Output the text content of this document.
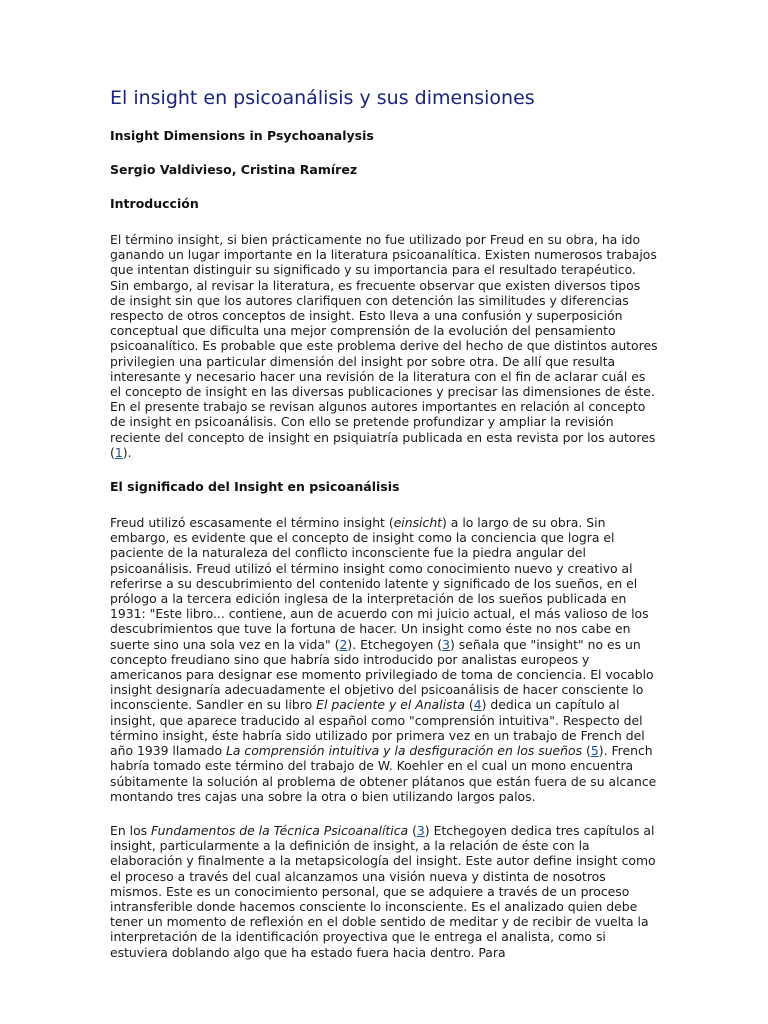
El insight en psicoanálisis y sus dimensiones
Insight Dimensions in Psychoanalysis
Sergio Valdivieso, Cristina Ramírez
Introducción

El término insight, si bien prácticamente no fue utilizado por Freud en su obra, ha ido ganando un lugar importante en la literatura psicoanalítica. Existen numerosos trabajos que intentan distinguir su significado y su importancia para el resultado terapéutico. Sin embargo, al revisar la literatura, es frecuente observar que existen diversos tipos de insight sin que los autores clarifiquen con detención las similitudes y diferencias respecto de otros conceptos de insight. Esto lleva a una confusión y superposición conceptual que dificulta una mejor comprensión de la evolución del pensamiento psicoanalítico. Es probable que este problema derive del hecho de que distintos autores privilegien una particular dimensión del insight por sobre otra. De allí que resulta interesante y necesario hacer una revisión de la literatura con el fin de aclarar cuál es el concepto de insight en las diversas publicaciones y precisar las dimensiones de éste. En el presente trabajo se revisan algunos autores importantes en relación al concepto de insight en psicoanálisis. Con ello se pretende profundizar y ampliar la revisión reciente del concepto de insight en psiquiatría publicada en esta revista por los autores (1).

El significado del Insight en psicoanálisis

Freud utilizó escasamente el término insight (einsicht) a lo largo de su obra. Sin embargo, es evidente que el concepto de insight como la conciencia que logra el paciente de la naturaleza del conflicto inconsciente fue la piedra angular del psicoanálisis. Freud utilizó el término insight como conocimiento nuevo y creativo al referirse a su descubrimiento del contenido latente y significado de los sueños, en el prólogo a la tercera edición inglesa de la interpretación de los sueños publicada en 1931: "Este libro... contiene, aun de acuerdo con mi juicio actual, el más valioso de los descubrimientos que tuve la fortuna de hacer. Un insight como éste no nos cabe en suerte sino una sola vez en la vida" (2). Etchegoyen (3) señala que "insight" no es un concepto freudiano sino que habría sido introducido por analistas europeos y americanos para designar ese momento privilegiado de toma de conciencia. El vocablo insight designaría adecuadamente el objetivo del psicoanálisis de hacer consciente lo inconsciente. Sandler en su libro El paciente y el Analista (4) dedica un capítulo al insight, que aparece traducido al español como "comprensión intuitiva". Respecto del término insight, éste habría sido utilizado por primera vez en un trabajo de French del año 1939 llamado La comprensión intuitiva y la desfiguración en los sueños (5). French habría tomado este término del trabajo de W. Koehler en el cual un mono encuentra súbitamente la solución al problema de obtener plátanos que están fuera de su alcance montando tres cajas una sobre la otra o bien utilizando largos palos.

En los Fundamentos de la Técnica Psicoanalítica (3) Etchegoyen dedica tres capítulos al insight, particularmente a la definición de insight, a la relación de éste con la elaboración y finalmente a la metapsicología del insight. Este autor define insight como el proceso a través del cual alcanzamos una visión nueva y distinta de nosotros mismos. Este es un conocimiento personal, que se adquiere a través de un proceso intransferible donde hacemos consciente lo inconsciente. Es el analizado quien debe tener un momento de reflexión en el doble sentido de meditar y de recibir de vuelta la interpretación de la identificación proyectiva que le entrega el analista, como si estuviera doblando algo que ha estado fuera hacia dentro. Para
